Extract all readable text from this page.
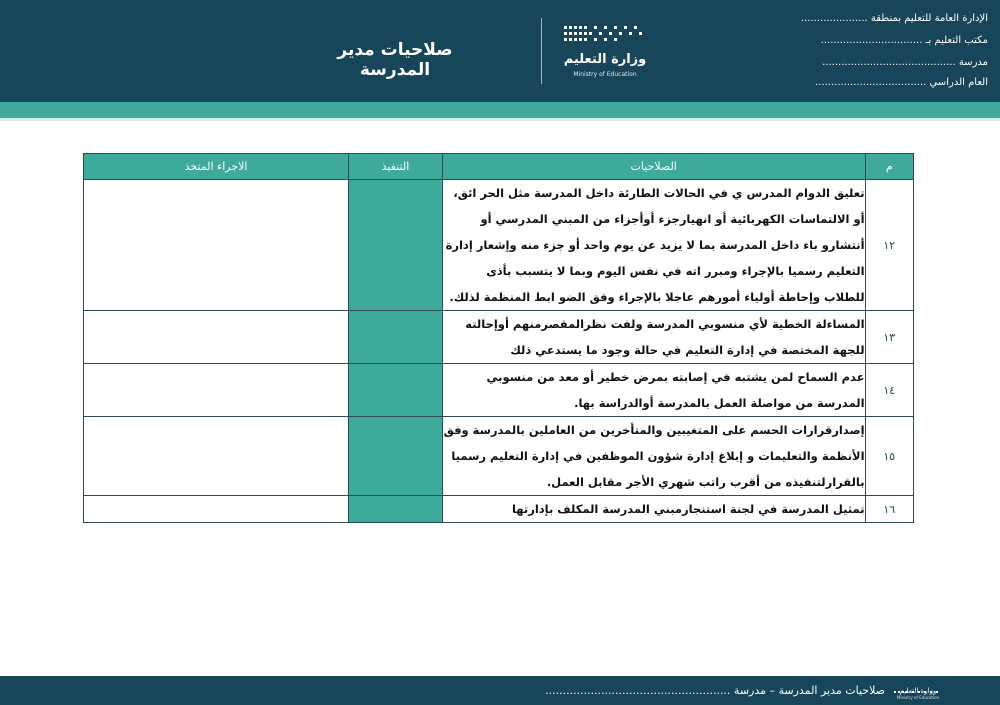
صلاحيات مدير المدرسة
وزارة التعليم
Ministry of Education
الإدارة العامة للتعليم بمنطقة .....................
مكتب التعليم بـ ................................
مدرسة ..........................................
العام الدراسي ...................................
م	الصلاحيات	التنفيذ	الاجراء المتخذ
١٢	تعليق الدوام المدرس ي في الحالات الطارئة داخل المدرسة مثل الحر ائق، أو الالتماسات الكهربائية أو انهيارجزء أوأجزاء من المبني المدرسي أو أنتشارو باء داخل المدرسة بما لا يزيد عن يوم واحد أو جزء منه وإشعار إدارة التعليم رسميا بالإجراء ومبرر اته في نفس اليوم وبما لا يتسبب بأذى للطلاب وإحاطة أولياء أمورهم عاجلا بالإجراء وفق الضو ابط المنظمة لذلك.		
١٣	المساءلة الخطية لأي منسوبي المدرسة ولفت نظرالمقصرمنهم أوإحالته للجهة المختصة في إدارة التعليم في حالة وجود ما يستدعي ذلك		
١٤	عدم السماح لمن يشتبه في إصابته بمرض خطير أو معد من منسوبي المدرسة من مواصلة العمل بالمدرسة أوالدراسة بها.		
١٥	إصدارقرارات الحسم على المتغيبين والمتأخرين من العاملين بالمدرسة وفق الأنظمة والتعليمات و إبلاغ إدارة شؤون الموظفين في إدارة التعليم رسميا بالقرارلتنفيذه من أقرب راتب شهري الأجر مقابل العمل.		
١٦	تمثيل المدرسة في لجنة استنجارمبني المدرسة المكلف بإدارتها		
صلاحيات مدير المدرسة – مدرسة .....................................................	وزارة التعليم
Ministry of Education
